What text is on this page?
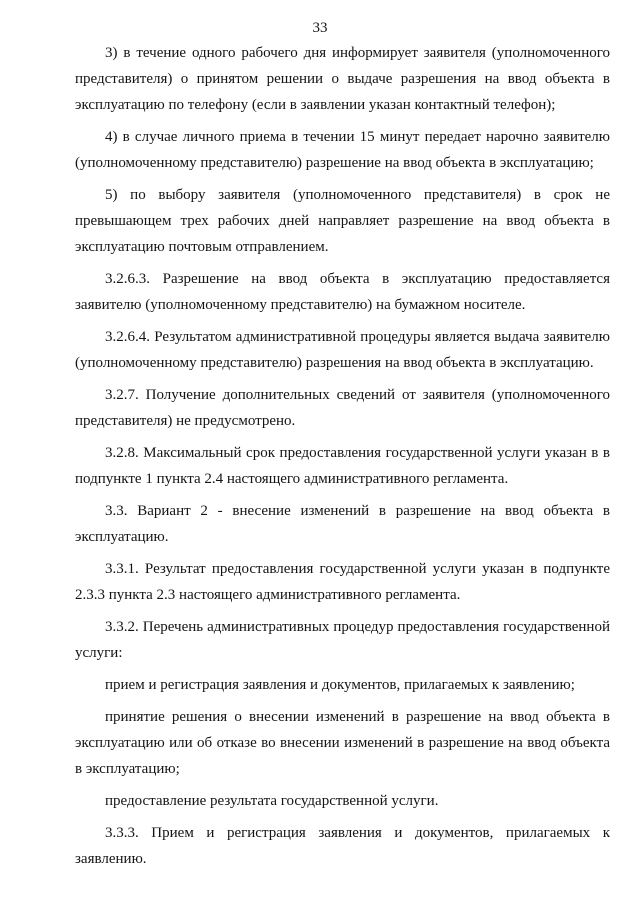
33

3) в течение одного рабочего дня информирует заявителя (уполномоченного представителя) о принятом решении о выдаче разрешения на ввод объекта в эксплуатацию по телефону (если в заявлении указан контактный телефон);

4) в случае личного приема в течении 15 минут передает нарочно заявителю (уполномоченному представителю) разрешение на ввод объекта в эксплуатацию;

5) по выбору заявителя (уполномоченного представителя) в срок не превышающем трех рабочих дней направляет разрешение на ввод объекта в эксплуатацию почтовым отправлением.

3.2.6.3. Разрешение на ввод объекта в эксплуатацию предоставляется заявителю (уполномоченному представителю) на бумажном носителе.

3.2.6.4. Результатом административной процедуры является выдача заявителю (уполномоченному представителю) разрешения на ввод объекта в эксплуатацию.

3.2.7. Получение дополнительных сведений от заявителя (уполномоченного представителя) не предусмотрено.

3.2.8. Максимальный срок предоставления государственной услуги указан в в подпункте 1 пункта 2.4 настоящего административного регламента.

3.3. Вариант 2 - внесение изменений в разрешение на ввод объекта в эксплуатацию.

3.3.1. Результат предоставления государственной услуги указан в подпункте 2.3.3 пункта 2.3 настоящего административного регламента.

3.3.2. Перечень административных процедур предоставления государственной услуги:

прием и регистрация заявления и документов, прилагаемых к заявлению;

принятие решения о внесении изменений в разрешение на ввод объекта в эксплуатацию или об отказе во внесении изменений в разрешение на ввод объекта в эксплуатацию;

предоставление результата государственной услуги.

3.3.3. Прием и регистрация заявления и документов, прилагаемых к заявлению.
